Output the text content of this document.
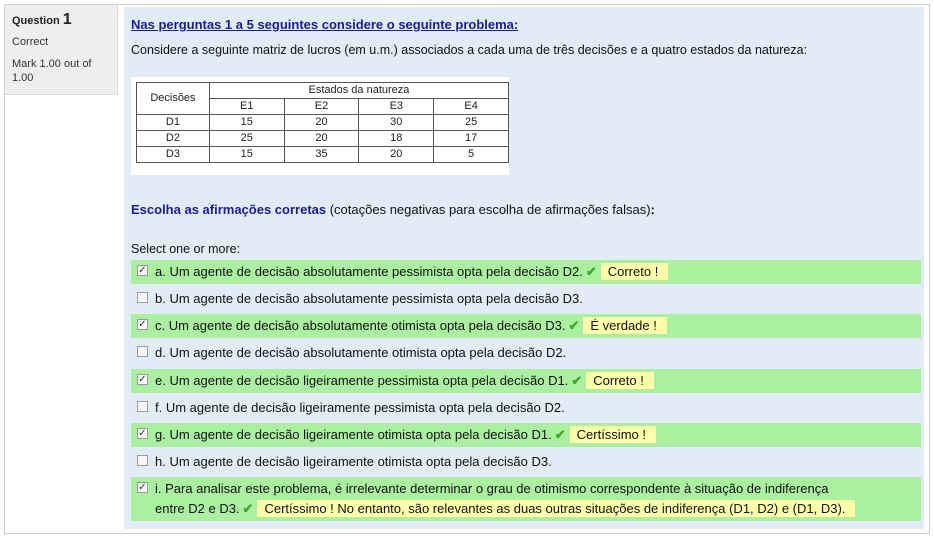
Question 1
Correct
Mark 1.00 out of 1.00
Nas perguntas 1 a 5 seguintes considere o seguinte problema:
Considere a seguinte matriz de lucros (em u.m.) associados a cada uma de três decisões e a quatro estados da natureza:
Decisões	Estados da natureza			
	E1	E2	E3	E4
D1	15	20	30	25
D2	25	20	18	17
D3	15	35	20	5
Escolha as afirmações corretas (cotações negativas para escolha de afirmações falsas):
Select one or more:
✓ a. Um agente de decisão absolutamente pessimista opta pela decisão D2. ✔ Correto !
b. Um agente de decisão absolutamente pessimista opta pela decisão D3.
✓ c. Um agente de decisão absolutamente otimista opta pela decisão D3. ✔ É verdade !
d. Um agente de decisão absolutamente otimista opta pela decisão D2.
✓ e. Um agente de decisão ligeiramente pessimista opta pela decisão D1. ✔ Correto !
f. Um agente de decisão ligeiramente pessimista opta pela decisão D2.
✓ g. Um agente de decisão ligeiramente otimista opta pela decisão D1. ✔ Certíssimo !
h. Um agente de decisão ligeiramente otimista opta pela decisão D3.
✓ i. Para analisar este problema, é irrelevante determinar o grau de otimismo correspondente à situação de indiferença
entre D2 e D3. ✔ Certíssimo ! No entanto, são relevantes as duas outras situações de indiferença (D1, D2) e (D1, D3).
